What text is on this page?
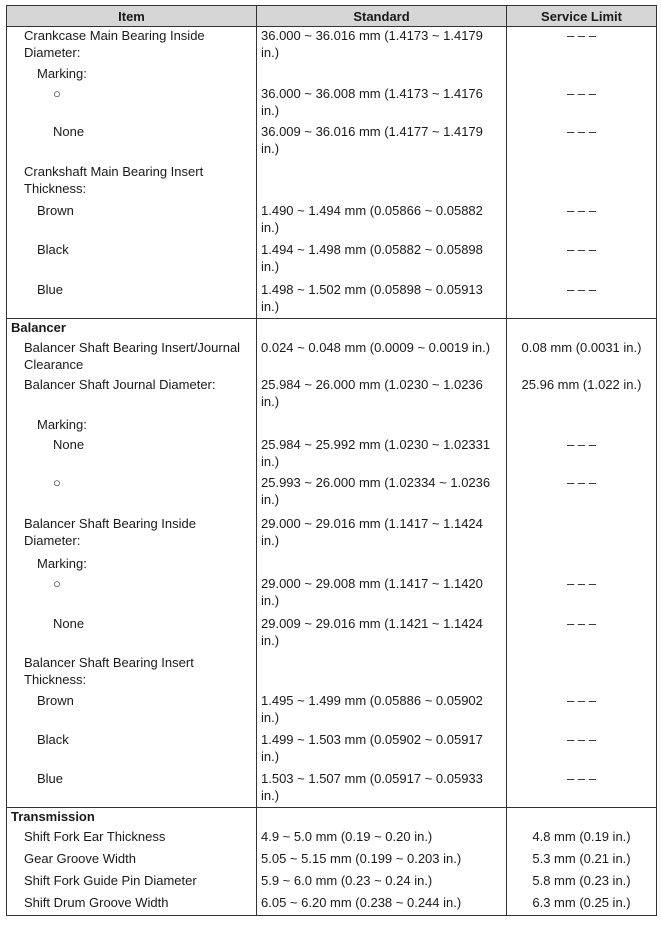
Item	Standard	Service Limit
Crankcase Main Bearing Inside Diameter:	36.000 ~ 36.016 mm (1.4173 ~ 1.4179 in.)	– – –
Marking:		
○	36.000 ~ 36.008 mm (1.4173 ~ 1.4176 in.)	– – –
None	36.009 ~ 36.016 mm (1.4177 ~ 1.4179 in.)	– – –
Crankshaft Main Bearing Insert Thickness:		
Brown	1.490 ~ 1.494 mm (0.05866 ~ 0.05882 in.)	– – –
Black	1.494 ~ 1.498 mm (0.05882 ~ 0.05898 in.)	– – –
Blue	1.498 ~ 1.502 mm (0.05898 ~ 0.05913 in.)	– – –
Balancer		
Balancer Shaft Bearing Insert/Journal Clearance	0.024 ~ 0.048 mm (0.0009 ~ 0.0019 in.)	0.08 mm (0.0031 in.)
Balancer Shaft Journal Diameter:	25.984 ~ 26.000 mm (1.0230 ~ 1.0236 in.)	25.96 mm (1.022 in.)
Marking:		
None	25.984 ~ 25.992 mm (1.0230 ~ 1.02331 in.)	– – –
○	25.993 ~ 26.000 mm (1.02334 ~ 1.0236 in.)	– – –
Balancer Shaft Bearing Inside Diameter:	29.000 ~ 29.016 mm (1.1417 ~ 1.1424 in.)	
Marking:		
○	29.000 ~ 29.008 mm (1.1417 ~ 1.1420 in.)	– – –
None	29.009 ~ 29.016 mm (1.1421 ~ 1.1424 in.)	– – –
Balancer Shaft Bearing Insert Thickness:		
Brown	1.495 ~ 1.499 mm (0.05886 ~ 0.05902 in.)	– – –
Black	1.499 ~ 1.503 mm (0.05902 ~ 0.05917 in.)	– – –
Blue	1.503 ~ 1.507 mm (0.05917 ~ 0.05933 in.)	– – –
Transmission		
Shift Fork Ear Thickness	4.9 ~ 5.0 mm (0.19 ~ 0.20 in.)	4.8 mm (0.19 in.)
Gear Groove Width	5.05 ~ 5.15 mm (0.199 ~ 0.203 in.)	5.3 mm (0.21 in.)
Shift Fork Guide Pin Diameter	5.9 ~ 6.0 mm (0.23 ~ 0.24 in.)	5.8 mm (0.23 in.)
Shift Drum Groove Width	6.05 ~ 6.20 mm (0.238 ~ 0.244 in.)	6.3 mm (0.25 in.)
